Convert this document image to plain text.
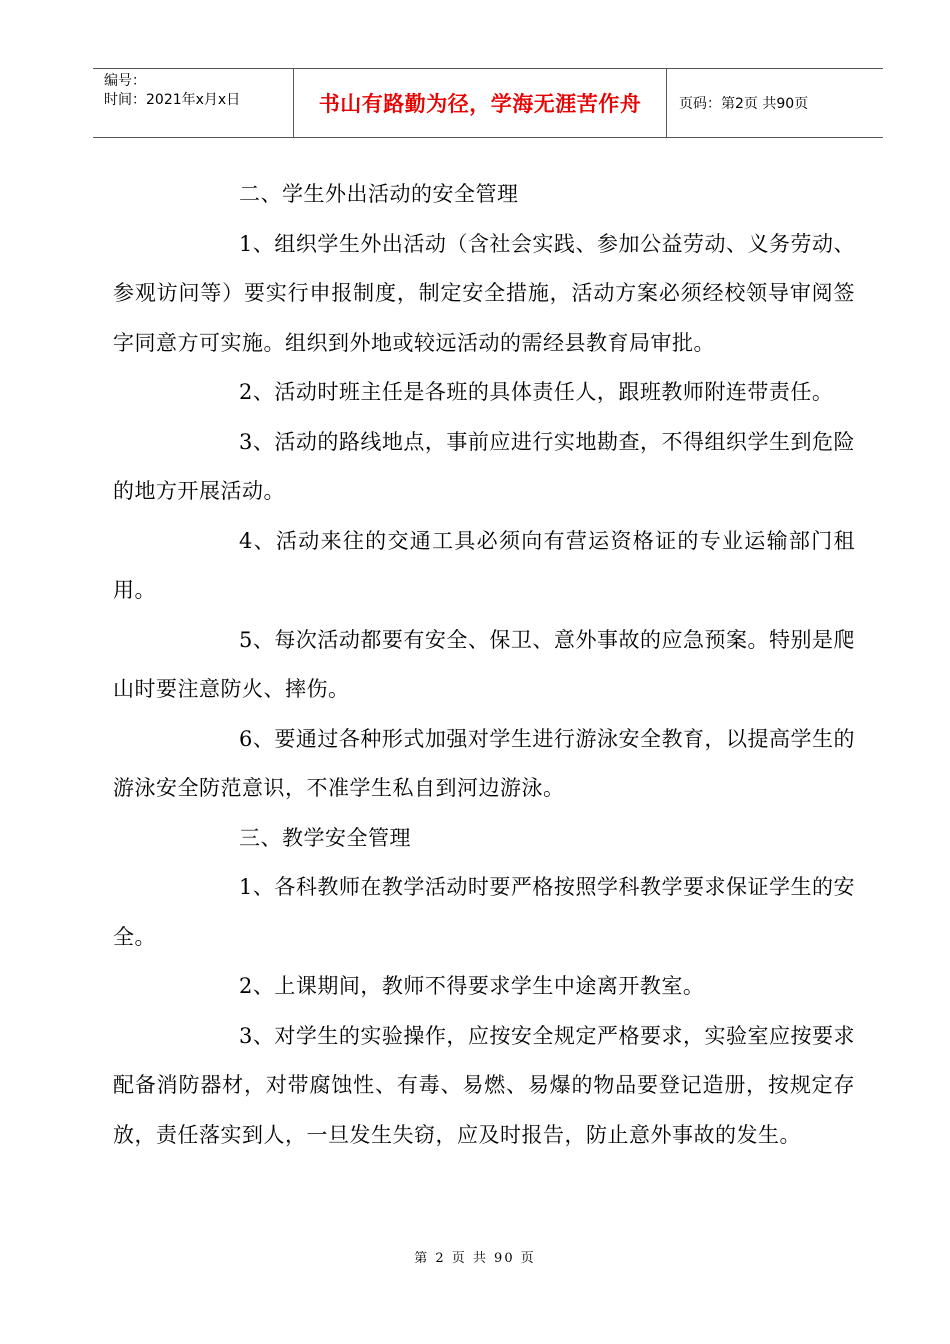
编号：
时间：2021年x月x日	书山有路勤为径，学海无涯苦作舟	页码：第2页 共90页

二、学生外出活动的安全管理

1、组织学生外出活动（含社会实践、参加公益劳动、义务劳动、参观访问等）要实行申报制度，制定安全措施，活动方案必须经校领导审阅签字同意方可实施。组织到外地或较远活动的需经县教育局审批。

2、活动时班主任是各班的具体责任人，跟班教师附连带责任。

3、活动的路线地点，事前应进行实地勘查，不得组织学生到危险的地方开展活动。

4、活动来往的交通工具必须向有营运资格证的专业运输部门租用。

5、每次活动都要有安全、保卫、意外事故的应急预案。特别是爬山时要注意防火、摔伤。

6、要通过各种形式加强对学生进行游泳安全教育，以提高学生的游泳安全防范意识，不准学生私自到河边游泳。

三、教学安全管理

1、各科教师在教学活动时要严格按照学科教学要求保证学生的安全。

2、上课期间，教师不得要求学生中途离开教室。

3、对学生的实验操作，应按安全规定严格要求，实验室应按要求配备消防器材，对带腐蚀性、有毒、易燃、易爆的物品要登记造册，按规定存放，责任落实到人，一旦发生失窃，应及时报告，防止意外事故的发生。

第 2 页 共 90 页
